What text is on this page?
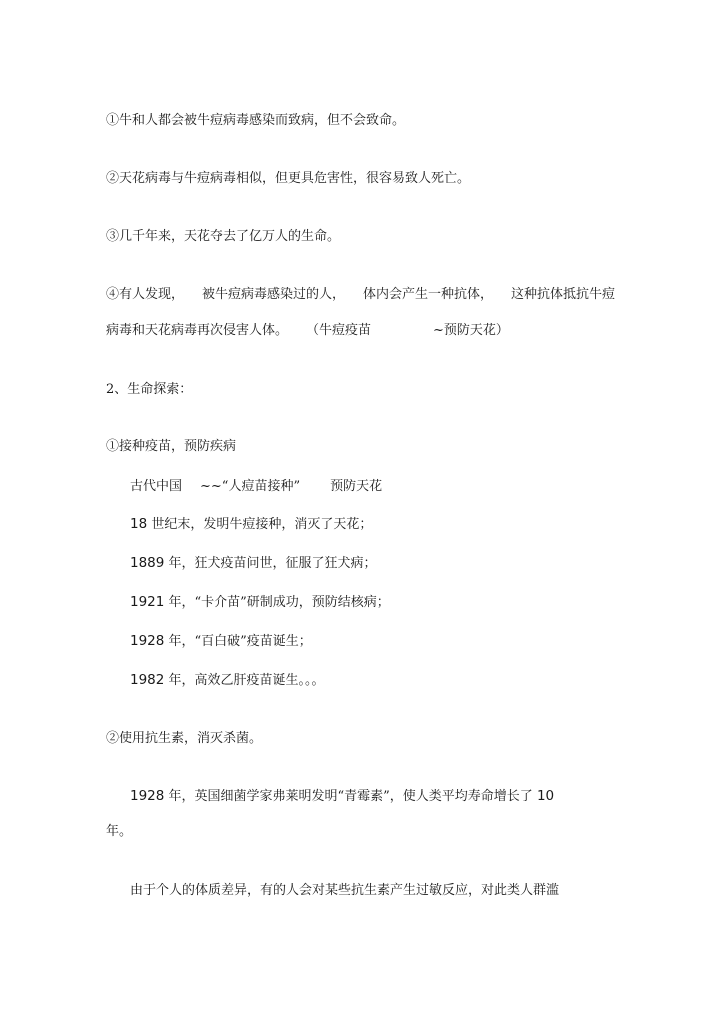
①牛和人都会被牛痘病毒感染而致病，但不会致命。
②天花病毒与牛痘病毒相似，但更具危害性，很容易致人死亡。
③几千年来，天花夺去了亿万人的生命。
④有人发现， 被牛痘病毒感染过的人， 体内会产生一种抗体， 这种抗体抵抗牛痘
病毒和天花病毒再次侵害人体。 （牛痘疫苗	~预防天花）
2、生命探索：
①接种疫苗，预防疾病
古代中国 ~~“人痘苗接种” 预防天花
18 世纪末，发明牛痘接种，消灭了天花；
1889 年，狂犬疫苗问世，征服了狂犬病；
1921 年，“卡介苗”研制成功，预防结核病；
1928 年，“百白破”疫苗诞生；
1982 年，高效乙肝疫苗诞生。。。
②使用抗生素，消灭杀菌。
1928 年，英国细菌学家弗莱明发明“青霉素”，使人类平均寿命增长了 10
年。
由于个人的体质差异，有的人会对某些抗生素产生过敏反应，对此类人群滥
